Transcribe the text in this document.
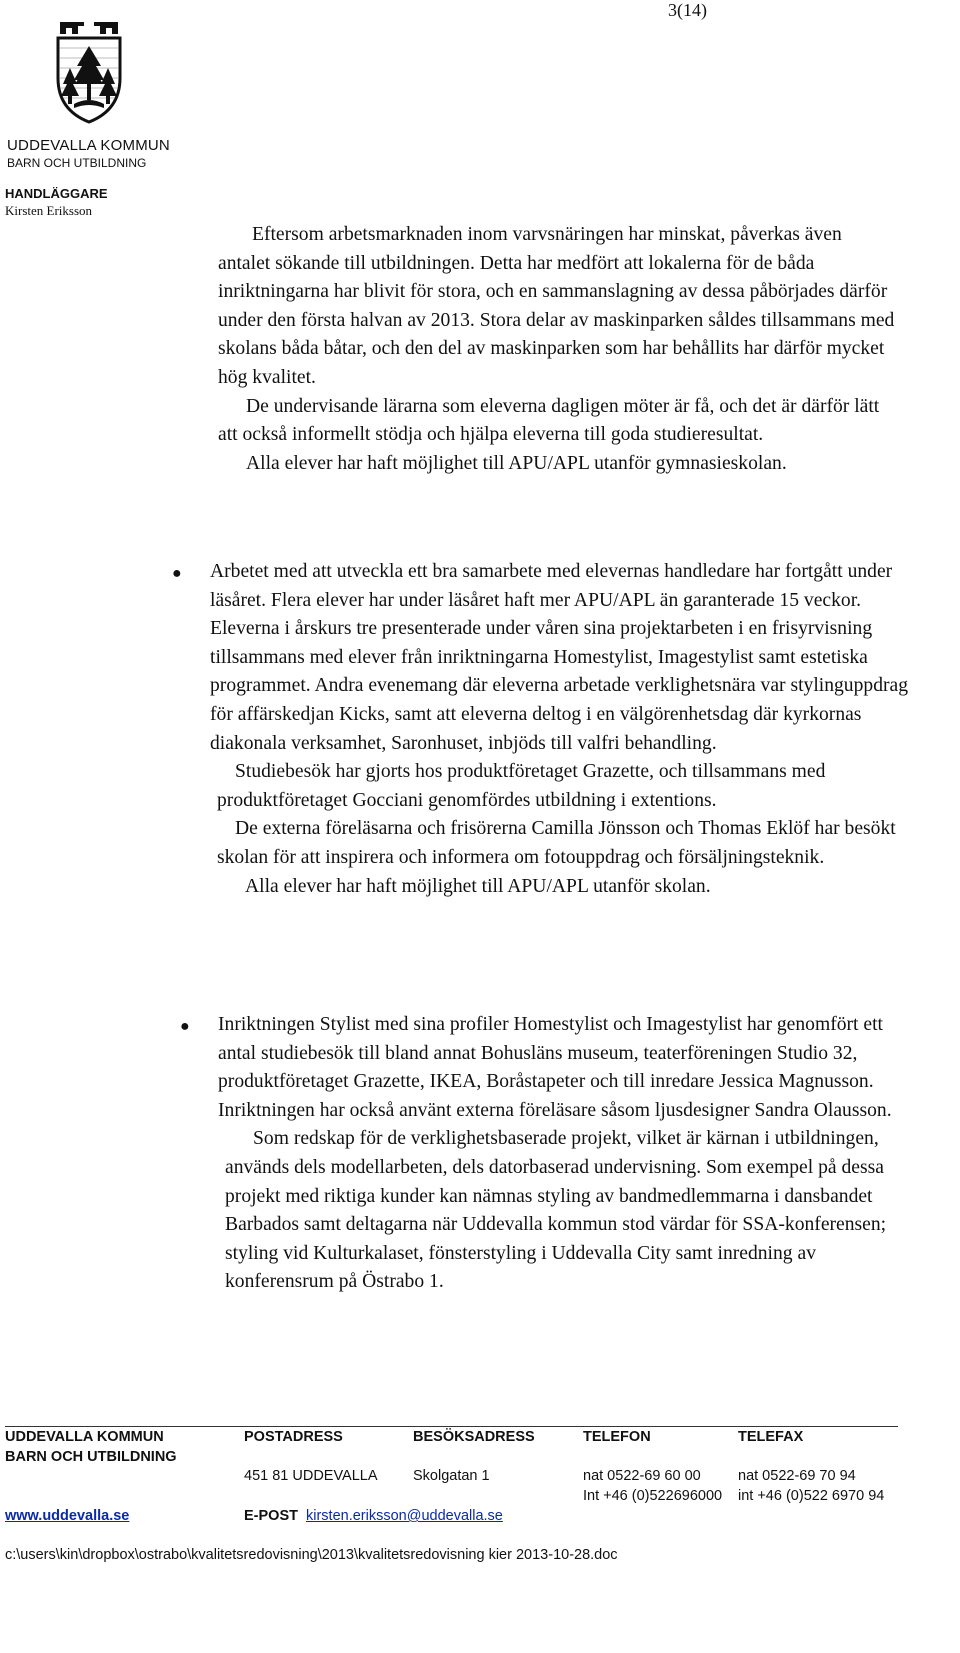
3(14)
UDDEVALLA KOMMUN
BARN OCH UTBILDNING
HANDLÄGGARE
Kirsten Eriksson

Eftersom arbetsmarknaden inom varvsnäringen har minskat, påverkas även antalet sökande till utbildningen. Detta har medfört att lokalerna för de båda inriktningarna har blivit för stora, och en sammanslagning av dessa påbörjades därför under den första halvan av 2013. Stora delar av maskinparken såldes tillsammans med skolans båda båtar, och den del av maskinparken som har behållits har därför mycket hög kvalitet.

De undervisande lärarna som eleverna dagligen möter är få, och det är därför lätt att också informellt stödja och hjälpa eleverna till goda studieresultat.

Alla elever har haft möjlighet till APU/APL utanför gymnasieskolan.

● Arbetet med att utveckla ett bra samarbete med elevernas handledare har fortgått under läsåret. Flera elever har under läsåret haft mer APU/APL än garanterade 15 veckor. Eleverna i årskurs tre presenterade under våren sina projektarbeten i en frisyrvisning tillsammans med elever från inriktningarna Homestylist, Imagestylist samt estetiska programmet. Andra evenemang där eleverna arbetade verklighetsnära var stylinguppdrag för affärskedjan Kicks, samt att eleverna deltog i en välgörenhetsdag där kyrkornas diakonala verksamhet, Saronhuset, inbjöds till valfri behandling.

Studiebesök har gjorts hos produktföretaget Grazette, och tillsammans med produktföretaget Gocciani genomfördes utbildning i extentions.

De externa föreläsarna och frisörerna Camilla Jönsson och Thomas Eklöf har besökt skolan för att inspirera och informera om fotouppdrag och försäljningsteknik.

Alla elever har haft möjlighet till APU/APL utanför skolan.

● Inriktningen Stylist med sina profiler Homestylist och Imagestylist har genomfört ett antal studiebesök till bland annat Bohusläns museum, teaterföreningen Studio 32, produktföretaget Grazette, IKEA, Boråstapeter och till inredare Jessica Magnusson. Inriktningen har också använt externa föreläsare såsom ljusdesigner Sandra Olausson.

Som redskap för de verklighetsbaserade projekt, vilket är kärnan i utbildningen, används dels modellarbeten, dels datorbaserad undervisning. Som exempel på dessa projekt med riktiga kunder kan nämnas styling av bandmedlemmarna i dansbandet Barbados samt deltagarna när Uddevalla kommun stod värdar för SSA-konferensen; styling vid Kulturkalaset, fönsterstyling i Uddevalla City samt inredning av konferensrum på Östrabo 1.

UDDEVALLA KOMMUN
BARN OCH UTBILDNING
www.uddevalla.se
POSTADRESS
451 81 UDDEVALLA
E-POST kirsten.eriksson@uddevalla.se
BESÖKSADRESS
Skolgatan 1
TELEFON
nat 0522-69 60 00
Int +46 (0)522696000
TELEFAX
nat 0522-69 70 94
int +46 (0)522 6970 94
c:\users\kin\dropbox\ostrabo\kvalitetsredovisning\2013\kvalitetsredovisning kier 2013-10-28.doc
